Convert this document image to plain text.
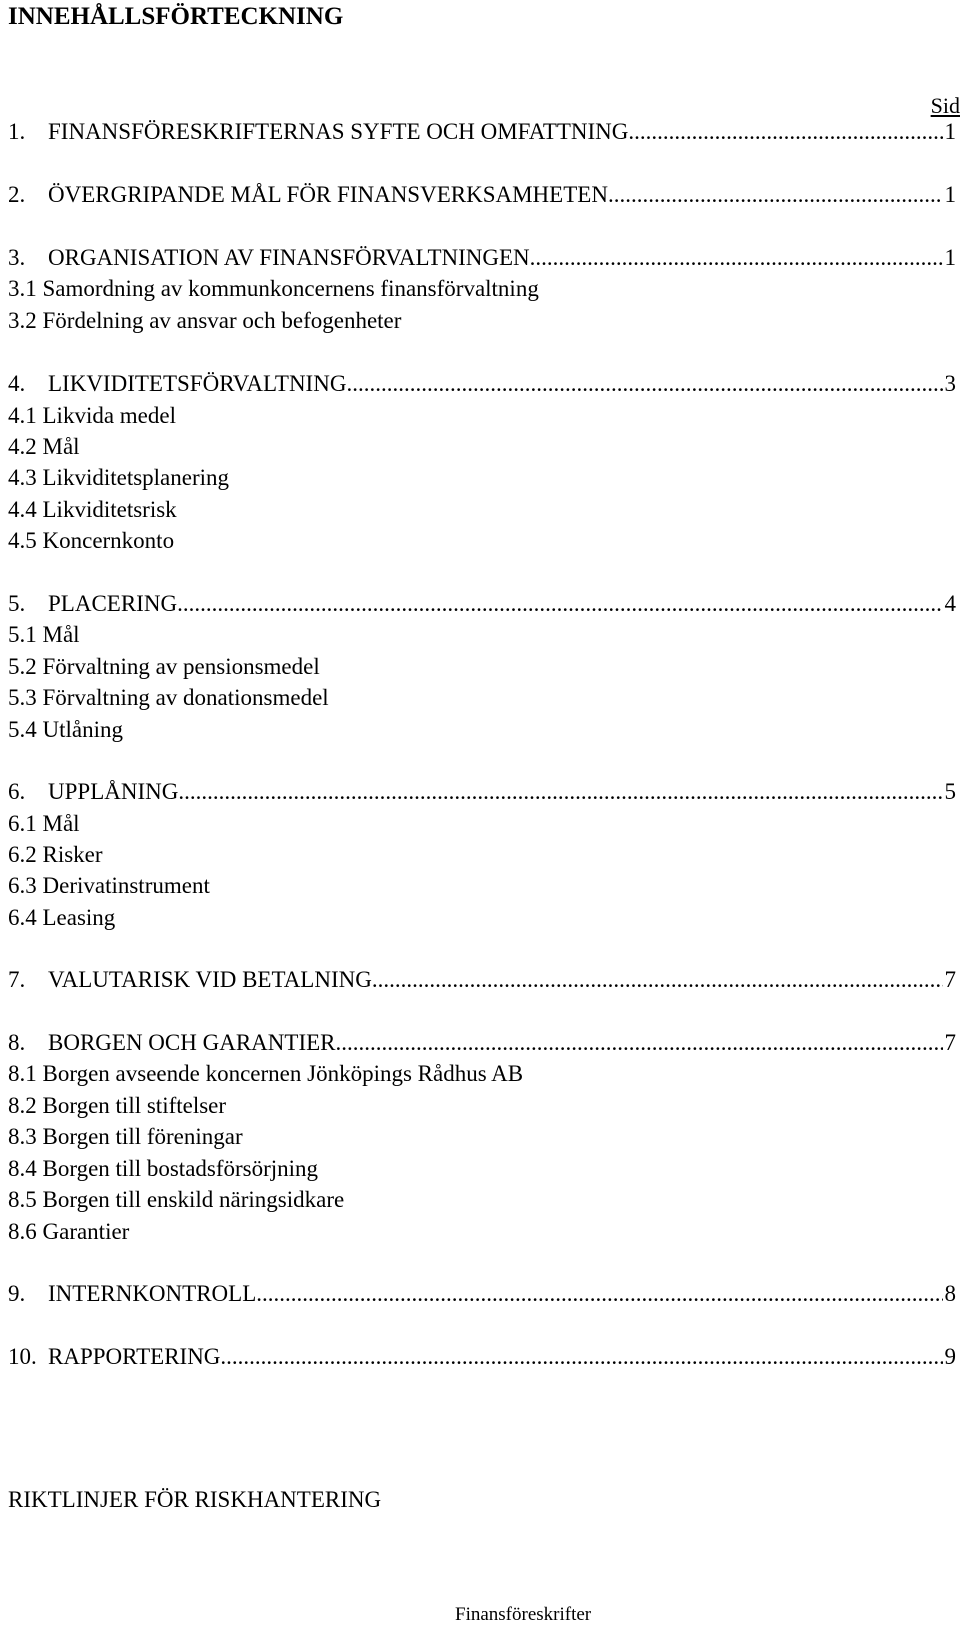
INNEHÅLLSFÖRTECKNING
Sid
1. FINANSFÖRESKRIFTERNAS SYFTE OCH OMFATTNING .....	1
2. ÖVERGRIPANDE MÅL FÖR FINANSVERKSAMHETEN .....	1
3. ORGANISATION AV FINANSFÖRVALTNINGEN .....	1
3.1 Samordning av kommunkoncernens finansförvaltning
3.2 Fördelning av ansvar och befogenheter
4. LIKVIDITETSFÖRVALTNING .....	3
4.1 Likvida medel
4.2 Mål
4.3 Likviditetsplanering
4.4 Likviditetsrisk
4.5 Koncernkonto
5. PLACERING .....	4
5.1 Mål
5.2 Förvaltning av pensionsmedel
5.3 Förvaltning av donationsmedel
5.4 Utlåning
6. UPPLÅNING .....	5
6.1 Mål
6.2 Risker
6.3 Derivatinstrument
6.4 Leasing
7. VALUTARISK VID BETALNING .....	7
8. BORGEN OCH GARANTIER .....	7
8.1 Borgen avseende koncernen Jönköpings Rådhus AB
8.2 Borgen till stiftelser
8.3 Borgen till föreningar
8.4 Borgen till bostadsförsörjning
8.5 Borgen till enskild näringsidkare
8.6 Garantier
9. INTERNKONTROLL .....	8
10. RAPPORTERING .....	9
RIKTLINJER FÖR RISKHANTERING
Finansföreskrifter
